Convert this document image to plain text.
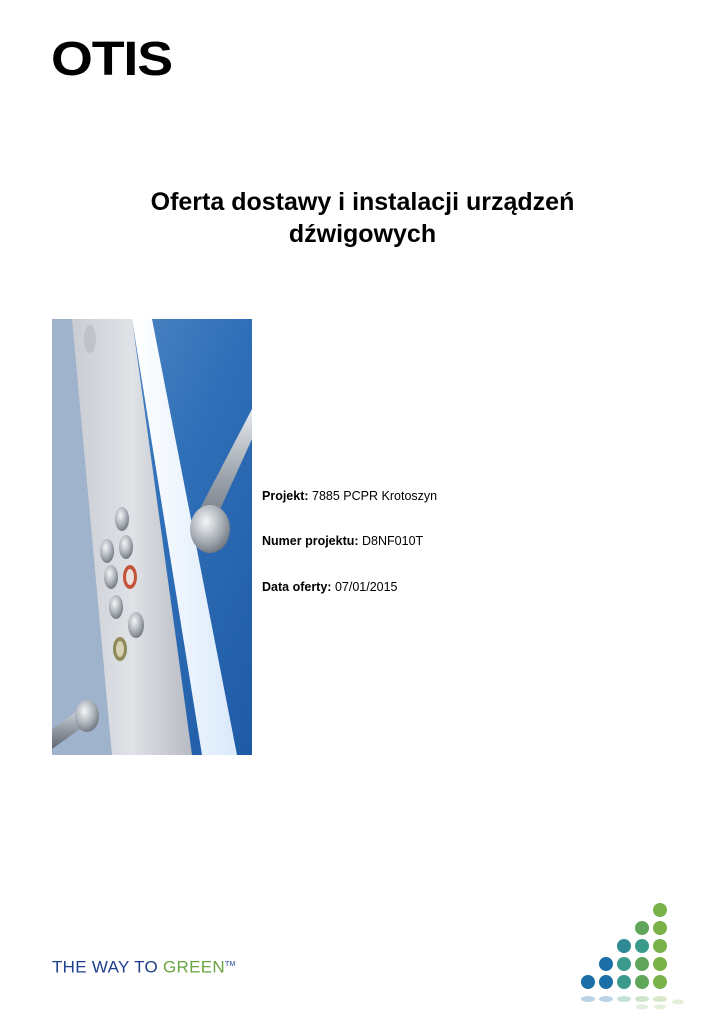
OTIS
Oferta dostawy i instalacji urządzeń
dźwigowych
Projekt: 7885 PCPR Krotoszyn
Numer projektu: D8NF010T
Data oferty: 07/01/2015
THE WAY TO GREEN™
